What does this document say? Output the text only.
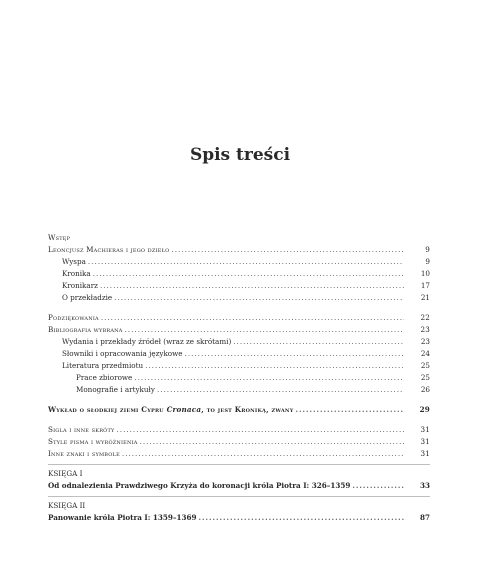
Spis treści
Wstęp
Leoncjusz Machieras i jego dzieło .....	9
Wyspa .....	9
Kronika .....	10
Kronikarz .....	17
O przekładzie .....	21
Podziękowania .....	22
Bibliografia wybrana .....	23
Wydania i przekłady źródeł (wraz ze skrótami) .....	23
Słowniki i opracowania językowe .....	24
Literatura przedmiotu .....	25
Prace zbiorowe .....	25
Monografie i artykuły .....	26
Wykład o słodkiej ziemi Cypru Cronaca, to jest Kroniką, zwany .....	29
Sigla i inne skróty .....	31
Style pisma i wyróżnienia .....	31
Inne znaki i symbole .....	31
KSIĘGA I
Od odnalezienia Prawdziwego Krzyża do koronacji króla Piotra I: 326–1359 .....	33
KSIĘGA II
Panowanie króla Piotra I: 1359–1369 .....	87
